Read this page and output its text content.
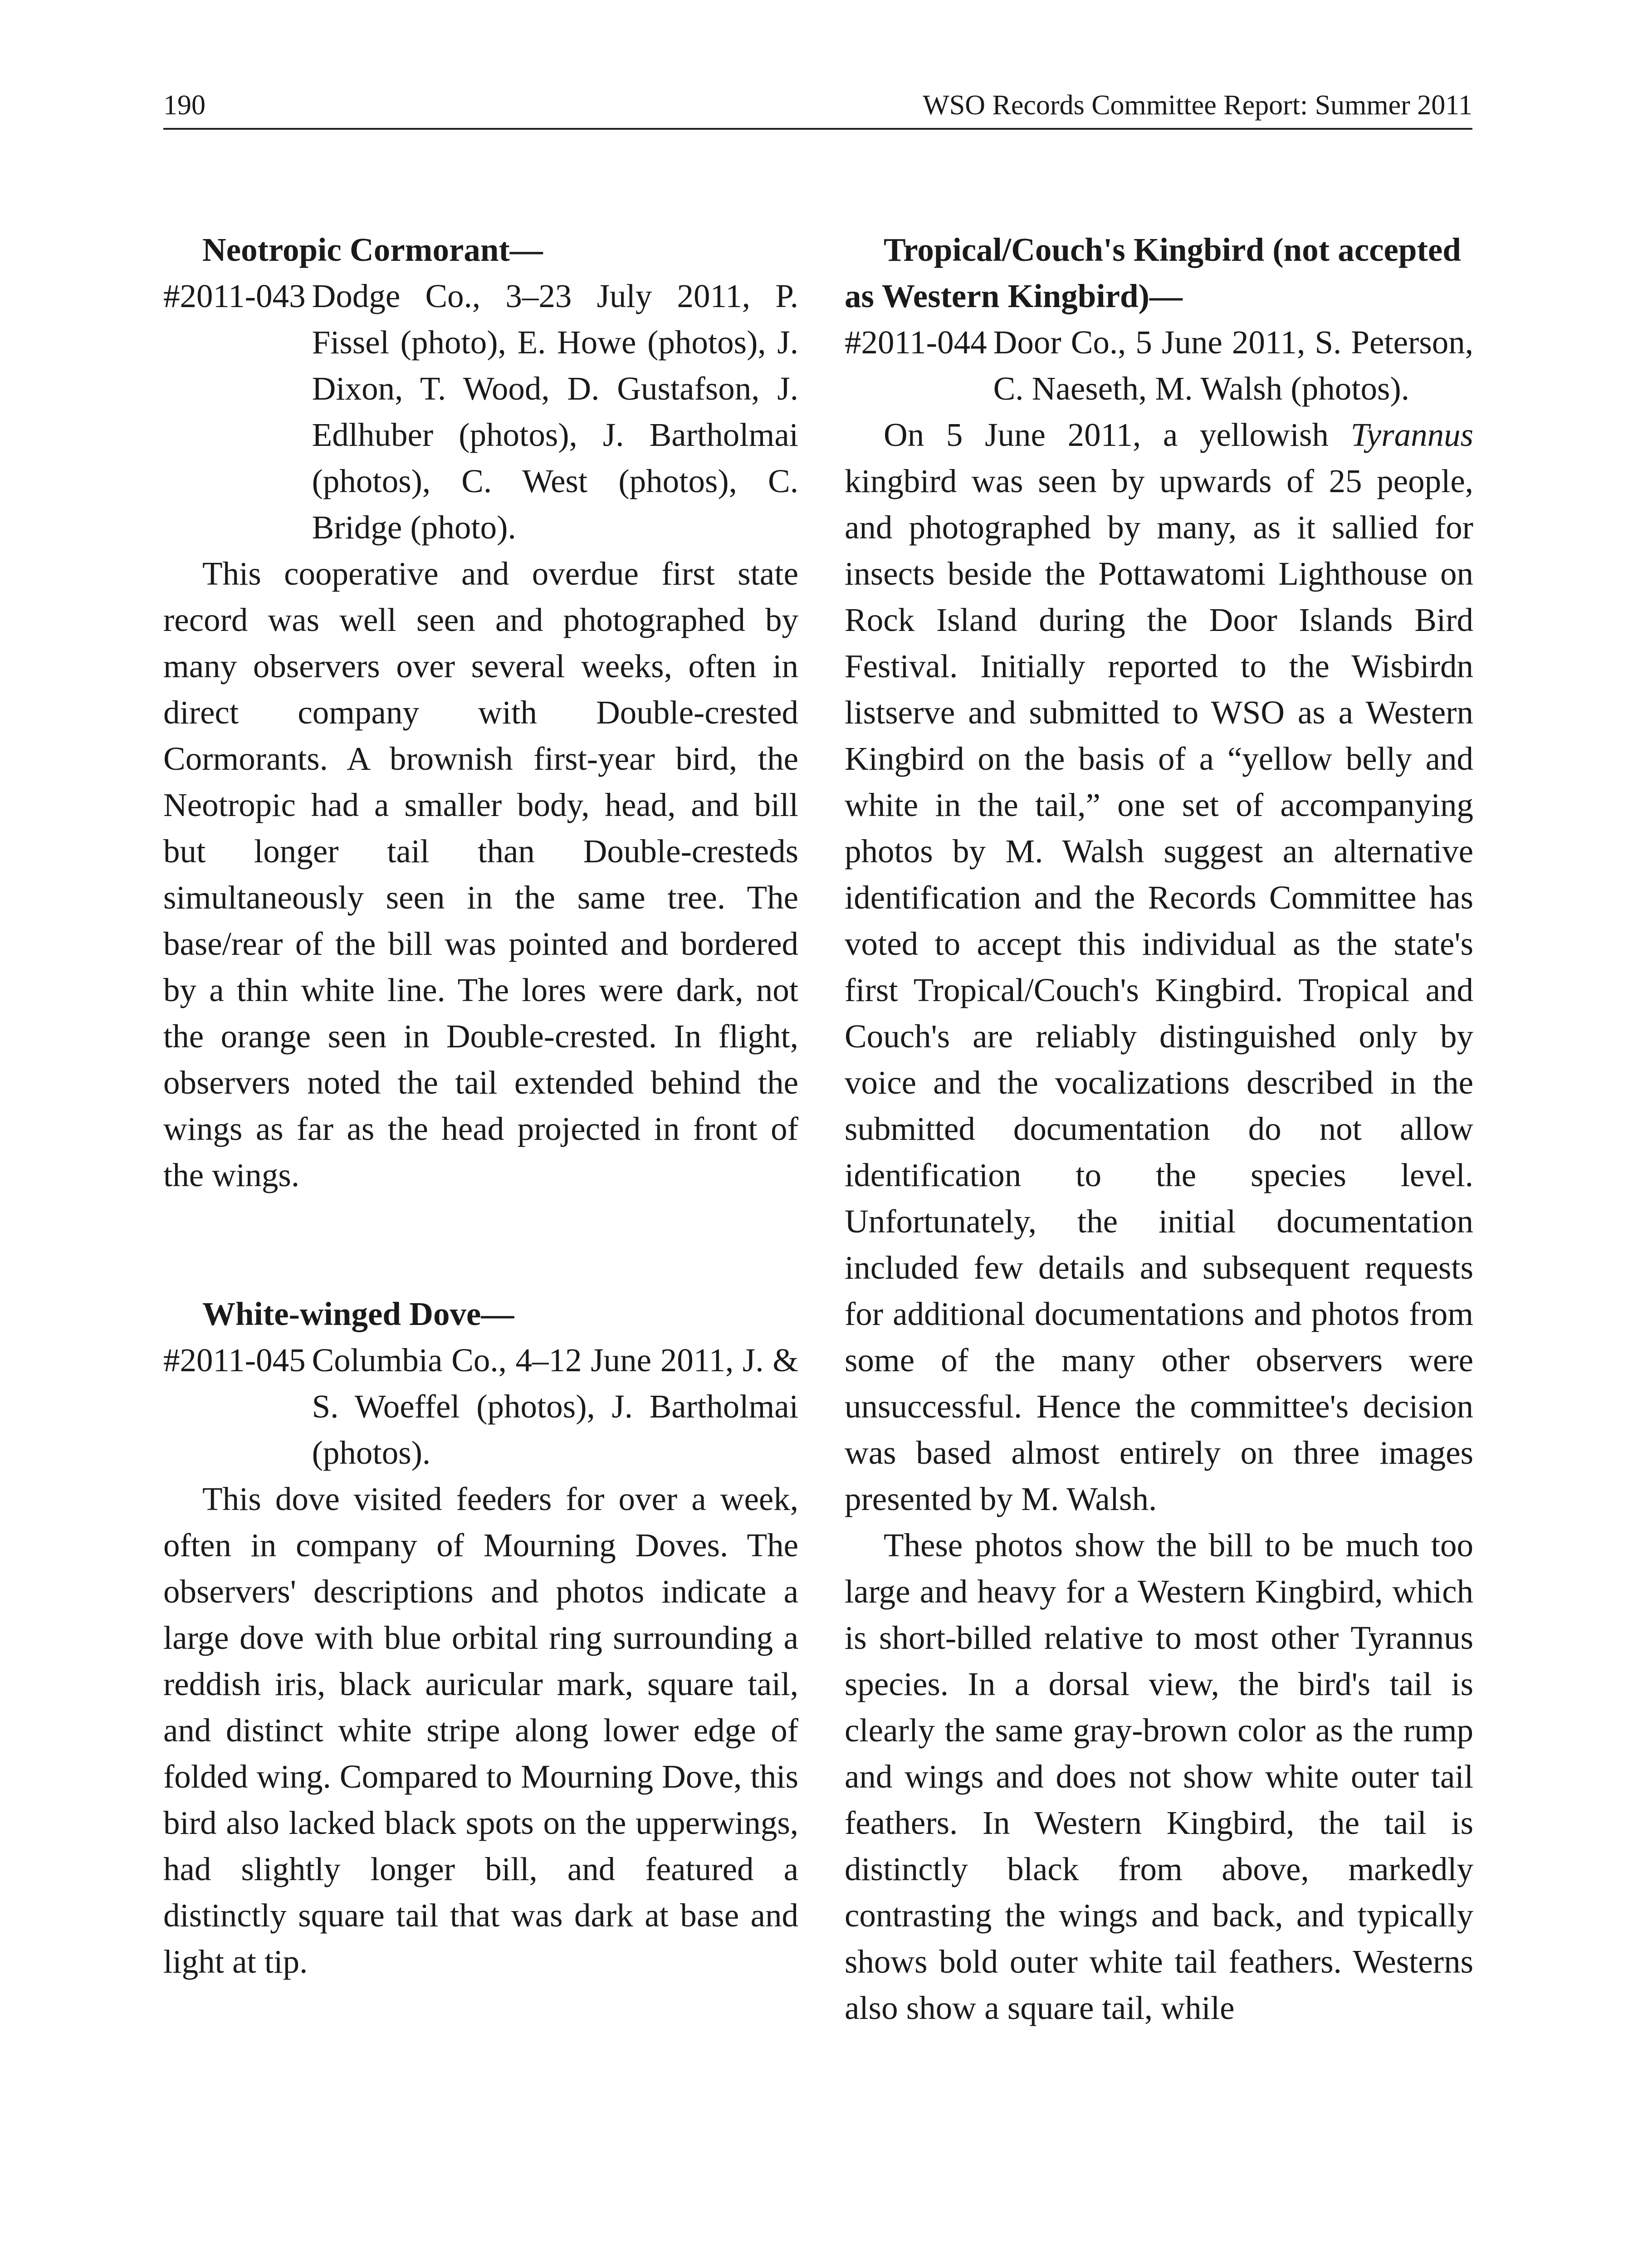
190	WSO Records Committee Report: Summer 2011

Neotropic Cormorant—

#2011-043 Dodge Co., 3–23 July 2011, P. Fissel (photo), E. Howe (photos), J. Dixon, T. Wood, D. Gustafson, J. Edlhuber (photos), J. Bartholmai (photos), C. West (photos), C. Bridge (photo).

This cooperative and overdue first state record was well seen and photographed by many observers over several weeks, often in direct company with Double-crested Cormorants. A brownish first-year bird, the Neotropic had a smaller body, head, and bill but longer tail than Double-cresteds simultaneously seen in the same tree. The base/rear of the bill was pointed and bordered by a thin white line. The lores were dark, not the orange seen in Double-crested. In flight, observers noted the tail extended behind the wings as far as the head projected in front of the wings.

White-winged Dove—

#2011-045 Columbia Co., 4–12 June 2011, J. & S. Woeffel (photos), J. Bartholmai (photos).

This dove visited feeders for over a week, often in company of Mourning Doves. The observers' descriptions and photos indicate a large dove with blue orbital ring surrounding a reddish iris, black auricular mark, square tail, and distinct white stripe along lower edge of folded wing. Compared to Mourning Dove, this bird also lacked black spots on the upperwings, had slightly longer bill, and featured a distinctly square tail that was dark at base and light at tip.

Tropical/Couch's Kingbird (not accepted as Western Kingbird)—

#2011-044 Door Co., 5 June 2011, S. Peterson, C. Naeseth, M. Walsh (photos).

On 5 June 2011, a yellowish Tyrannus kingbird was seen by upwards of 25 people, and photographed by many, as it sallied for insects beside the Pottawatomi Lighthouse on Rock Island during the Door Islands Bird Festival. Initially reported to the Wisbirdn listserve and submitted to WSO as a Western Kingbird on the basis of a “yellow belly and white in the tail,” one set of accompanying photos by M. Walsh suggest an alternative identification and the Records Committee has voted to accept this individual as the state's first Tropical/Couch's Kingbird. Tropical and Couch's are reliably distinguished only by voice and the vocalizations described in the submitted documentation do not allow identification to the species level. Unfortunately, the initial documentation included few details and subsequent requests for additional documentations and photos from some of the many other observers were unsuccessful. Hence the committee's decision was based almost entirely on three images presented by M. Walsh.

These photos show the bill to be much too large and heavy for a Western Kingbird, which is short-billed relative to most other Tyrannus species. In a dorsal view, the bird's tail is clearly the same gray-brown color as the rump and wings and does not show white outer tail feathers. In Western Kingbird, the tail is distinctly black from above, markedly contrasting the wings and back, and typically shows bold outer white tail feathers. Westerns also show a square tail, while
